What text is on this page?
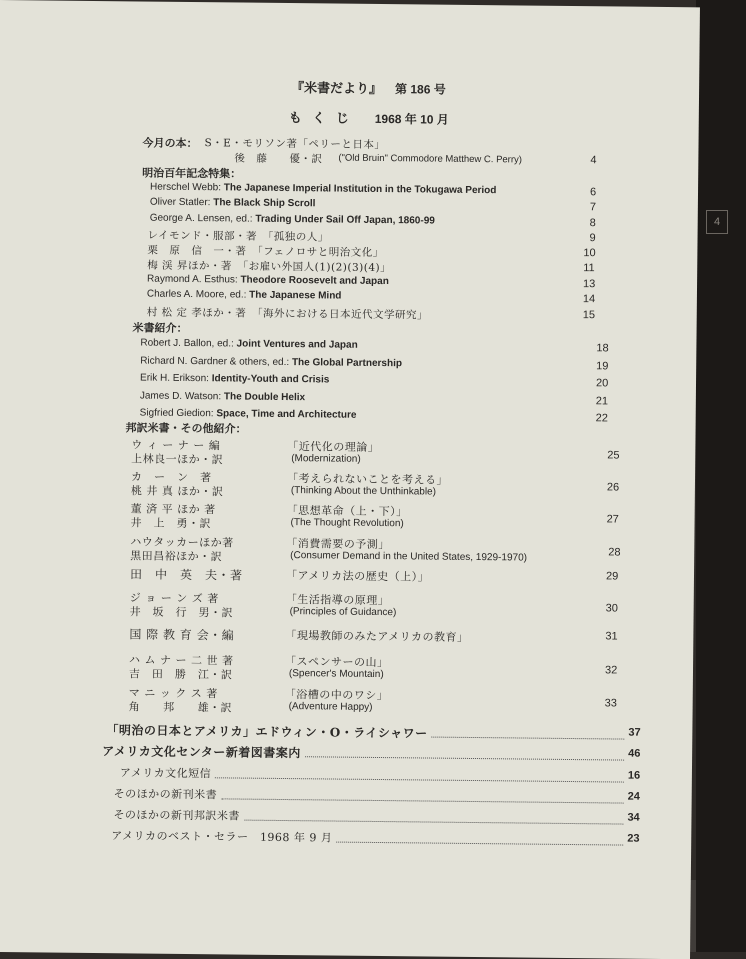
4
『米書だより』 第 186 号
も く じ 1968 年 10 月
今月の本： S・E・モリソン著「ペリーと日本」
後　藤　　優・訳 ("Old Bruin" Commodore Matthew C. Perry)	4
明治百年記念特集：
Herschel Webb: The Japanese Imperial Institution in the Tokugawa Period	6
Oliver Statler: The Black Ship Scroll	7
George A. Lensen, ed.: Trading Under Sail Off Japan, 1860-99	8
レイモンド・服部・著　「孤独の人」	9
栗　原　信　一・著　「フェノロサと明治文化」	10
梅 渓 昇ほか・著　「お雇い外国人(1)(2)(3)(4)」	11
Raymond A. Esthus: Theodore Roosevelt and Japan	13
Charles A. Moore, ed.: The Japanese Mind	14
村 松 定 孝ほか・著　「海外における日本近代文学研究」	15
米書紹介：
Robert J. Ballon, ed.: Joint Ventures and Japan	18
Richard N. Gardner & others, ed.: The Global Partnership	19
Erik H. Erikson: Identity-Youth and Crisis	20
James D. Watson: The Double Helix	21
Sigfried Giedion: Space, Time and Architecture	22
邦訳米書・その他紹介：
ウ ィ ー ナ ー 編
上林良一ほか・訳
「近代化の理論」
(Modernization)	25
カ　ー　ン　著
桃 井 真 ほか・訳
「考えられないことを考える」
(Thinking About the Unthinkable)	26
董 済 平 ほか 著
井　上　勇・訳
「思想革命（上・下）」
(The Thought Revolution)	27
ハウタッカーほか著
黒田昌裕ほか・訳
「消費需要の予測」
(Consumer Demand in the United States, 1929-1970)	28
田　中　英　夫・著	「アメリカ法の歴史（上）」	29
ジ ョ ー ン ズ 著
井　坂　行　男・訳
「生活指導の原理」
(Principles of Guidance)	30
国 際 教 育 会・編	「現場教師のみたアメリカの教育」	31
ハ ム ナ ー 二 世 著
吉　田　勝　江・訳
「スペンサーの山」
(Spencer's Mountain)	32
マ ニ ッ ク ス 著
角　　邦　　雄・訳
「浴槽の中のワシ」
(Adventure Happy)	33
「明治の日本とアメリカ」エドウィン・O・ライシャワー	37
アメリカ文化センター新着図書案内	46
アメリカ文化短信	16
そのほかの新刊米書	24
そのほかの新刊邦訳米書	34
アメリカのベスト・セラー　1968 年 9 月	23
